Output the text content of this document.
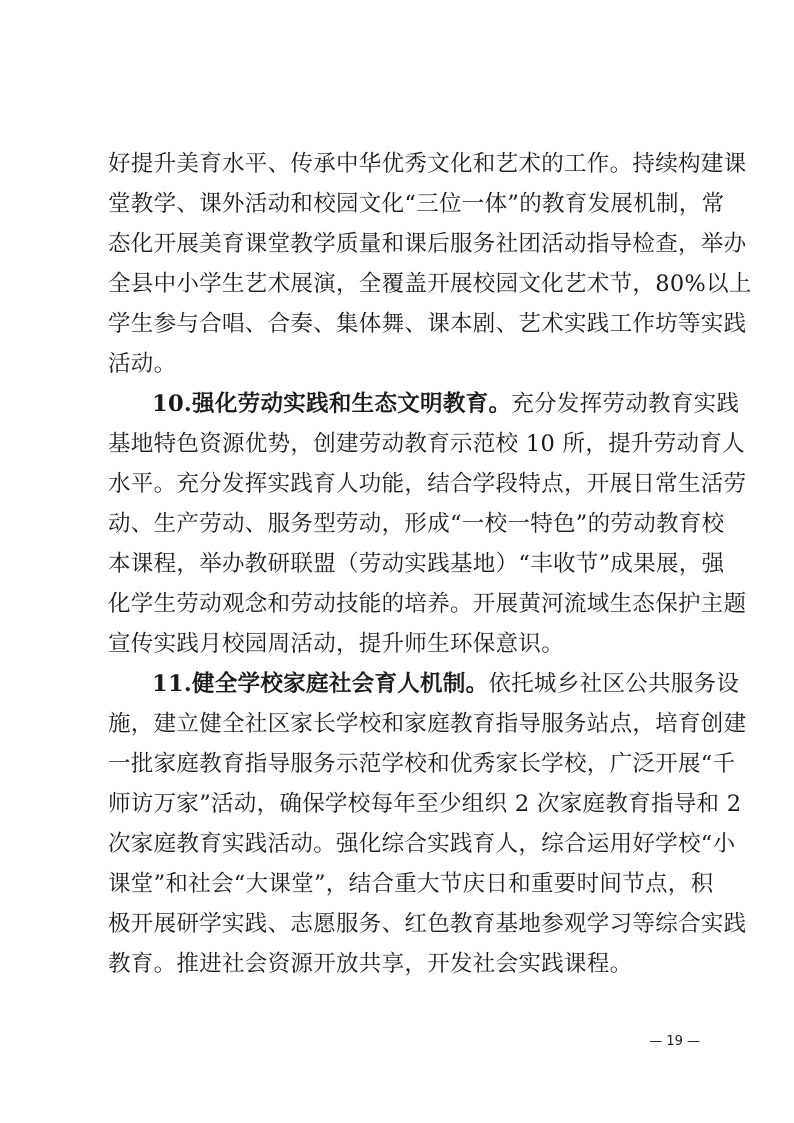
好提升美育水平、传承中华优秀文化和艺术的工作。持续构建课
堂教学、课外活动和校园文化“三位一体”的教育发展机制，常
态化开展美育课堂教学质量和课后服务社团活动指导检查，举办
全县中小学生艺术展演，全覆盖开展校园文化艺术节，80%以上
学生参与合唱、合奏、集体舞、课本剧、艺术实践工作坊等实践
活动。
10.强化劳动实践和生态文明教育。充分发挥劳动教育实践
基地特色资源优势，创建劳动教育示范校 10 所，提升劳动育人
水平。充分发挥实践育人功能，结合学段特点，开展日常生活劳
动、生产劳动、服务型劳动，形成“一校一特色”的劳动教育校
本课程，举办教研联盟（劳动实践基地）“丰收节”成果展，强
化学生劳动观念和劳动技能的培养。开展黄河流域生态保护主题
宣传实践月校园周活动，提升师生环保意识。
11.健全学校家庭社会育人机制。依托城乡社区公共服务设
施，建立健全社区家长学校和家庭教育指导服务站点，培育创建
一批家庭教育指导服务示范学校和优秀家长学校，广泛开展“千
师访万家”活动，确保学校每年至少组织 2 次家庭教育指导和 2
次家庭教育实践活动。强化综合实践育人，综合运用好学校“小
课堂”和社会“大课堂”，结合重大节庆日和重要时间节点，积
极开展研学实践、志愿服务、红色教育基地参观学习等综合实践
教育。推进社会资源开放共享，开发社会实践课程。
— 19 —
